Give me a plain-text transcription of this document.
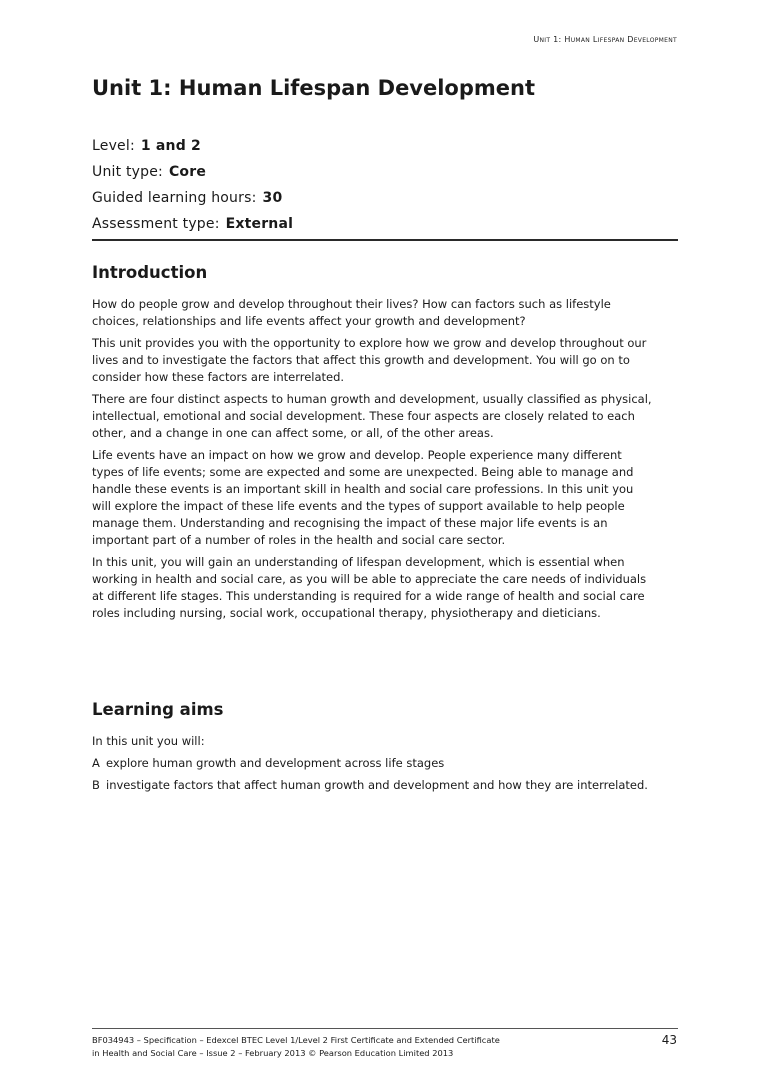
Unit 1: Human Lifespan Development
Unit 1: Human Lifespan Development
Level: 1 and 2
Unit type: Core
Guided learning hours: 30
Assessment type: External
Introduction

How do people grow and develop throughout their lives? How can factors such as lifestyle choices, relationships and life events affect your growth and development?

This unit provides you with the opportunity to explore how we grow and develop throughout our lives and to investigate the factors that affect this growth and development. You will go on to consider how these factors are interrelated.

There are four distinct aspects to human growth and development, usually classified as physical, intellectual, emotional and social development. These four aspects are closely related to each other, and a change in one can affect some, or all, of the other areas.

Life events have an impact on how we grow and develop. People experience many different types of life events; some are expected and some are unexpected. Being able to manage and handle these events is an important skill in health and social care professions. In this unit you will explore the impact of these life events and the types of support available to help people manage them. Understanding and recognising the impact of these major life events is an important part of a number of roles in the health and social care sector.

In this unit, you will gain an understanding of lifespan development, which is essential when working in health and social care, as you will be able to appreciate the care needs of individuals at different life stages. This understanding is required for a wide range of health and social care roles including nursing, social work, occupational therapy, physiotherapy and dieticians.

Learning aims

In this unit you will:

A explore human growth and development across life stages
B investigate factors that affect human growth and development and how they are interrelated.
BF034943 – Specification – Edexcel BTEC Level 1/Level 2 First Certificate and Extended Certificate
in Health and Social Care – Issue 2 – February 2013 © Pearson Education Limited 2013
43
